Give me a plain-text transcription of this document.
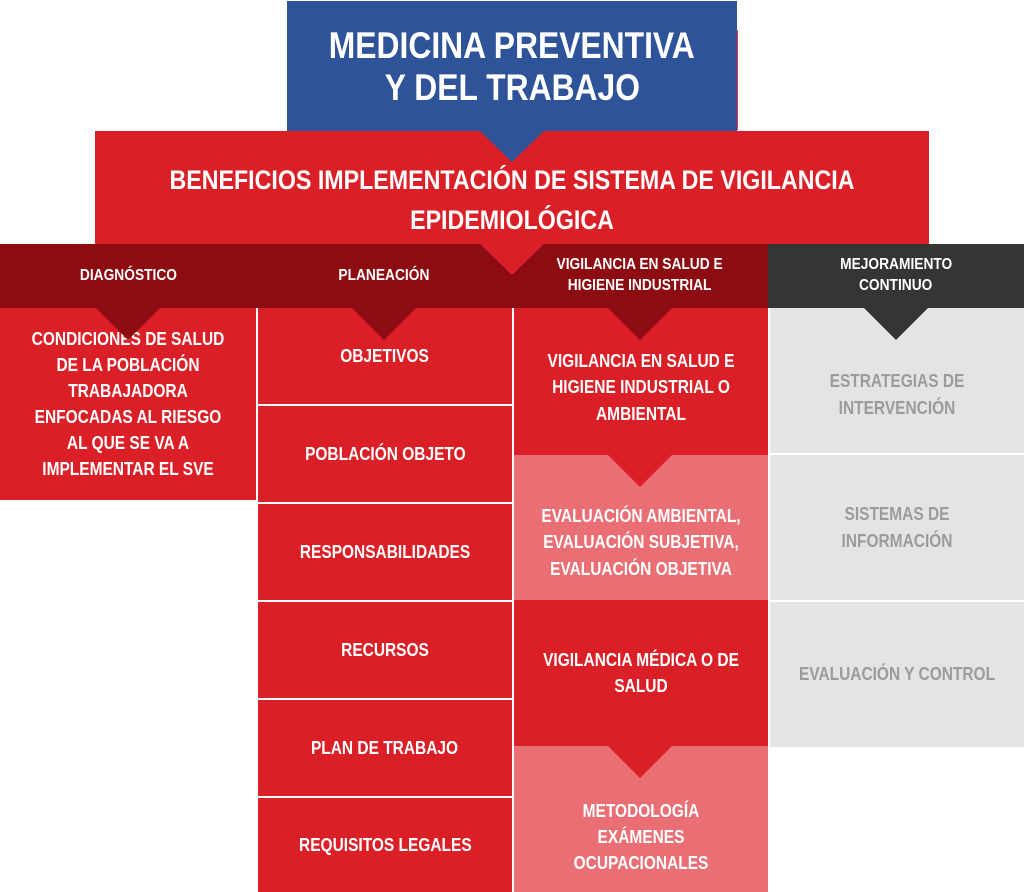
MEDICINA PREVENTIVA
Y DEL TRABAJO
BENEFICIOS IMPLEMENTACIÓN DE SISTEMA DE VIGILANCIA EPIDEMIOLÓGICA
DIAGNÓSTICO	PLANEACIÓN
VIGILANCIA EN SALUD E
HIGIENE INDUSTRIAL
MEJORAMIENTO
CONTINUO
CONDICIONES DE SALUD DE LA POBLACIÓN TRABAJADORA ENFOCADAS AL RIESGO AL QUE SE VA A IMPLEMENTAR EL SVE
OBJETIVOS
POBLACIÓN OBJETO
RESPONSABILIDADES
RECURSOS
PLAN DE TRABAJO
REQUISITOS LEGALES
VIGILANCIA EN SALUD E HIGIENE INDUSTRIAL O AMBIENTAL
EVALUACIÓN AMBIENTAL, EVALUACIÓN SUBJETIVA, EVALUACIÓN OBJETIVA
VIGILANCIA MÉDICA O DE SALUD
METODOLOGÍA EXÁMENES OCUPACIONALES
ESTRATEGIAS DE INTERVENCIÓN
SISTEMAS DE INFORMACIÓN
EVALUACIÓN Y CONTROL
